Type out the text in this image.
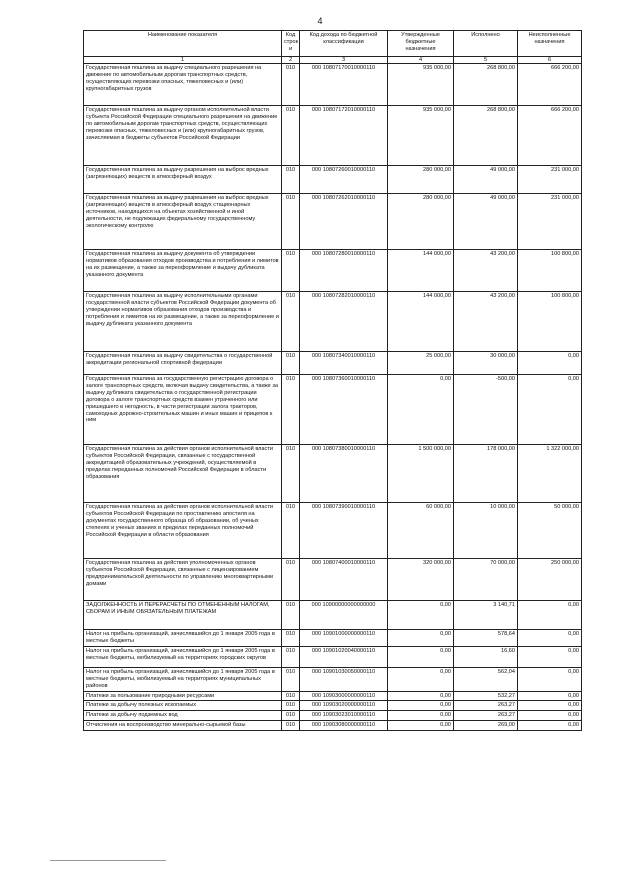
4
Наименование показателя	Код строк и	Код дохода по бюджетной классификации	Утвержденные бюджетные назначения	Исполнено	Неисполненные назначения
1	2	3	4	5	6
Государственная пошлина за выдачу специального разрешения на движение по автомобильным дорогам транспортных средств, осуществляющих перевозки опасных, тяжеловесных и (или) крупногабаритных грузов	010	000 10807170010000110	935 000,00	268 800,00	666 200,00
Государственная пошлина за выдачу органом исполнительной власти субъекта Российской Федерации специального разрешения на движение по автомобильным дорогам транспортных средств, осуществляющих перевозки опасных, тяжеловесных и (или) крупногабаритных грузов, зачисляемая в бюджеты субъектов Российской Федерации	010	000 10807172010000110	935 000,00	268 800,00	666 200,00
Государственная пошлина за выдачу разрешения на выброс вредных (загрязняющих) веществ в атмосферный воздух	010	000 10807260010000110	280 000,00	49 000,00	231 000,00
Государственная пошлина за выдачу разрешения на выброс вредных (загрязняющих) веществ в атмосферный воздух стационарных источников, находящихся на объектах хозяйственной и иной деятельности, не подлежащих федеральному государственному экологическому контролю	010	000 10807262010000110	280 000,00	49 000,00	231 000,00
Государственная пошлина за выдачу документа об утверждении нормативов образования отходов производства и потребления и лимитов на их размещение, а также за переоформление и выдачу дубликата указанного документа	010	000 10807280010000110	144 000,00	43 200,00	100 800,00
Государственная пошлина за выдачу исполнительными органами государственной власти субъектов Российской Федерации документа об утверждении нормативов образования отходов производства и потребления и лимитов на их размещение, а также за переоформление и выдачу дубликата указанного документа	010	000 10807282010000110	144 000,00	43 200,00	100 800,00
Государственная пошлина за выдачу свидетельства о государственной аккредитации региональной спортивной федерации	010	000 10807340010000110	25 000,00	30 000,00	0,00
Государственная пошлина за государственную регистрацию договора о залоге транспортных средств, включая выдачу свидетельства, а также за выдачу дубликата свидетельства о государственной регистрации договора о залоге транспортных средств взамен утраченного или пришедшего в негодность, в части регистрации залога тракторов, самоходных дорожно-строительных машин и иных машин и прицепов к ним	010	000 10807360010000110	0,00	-500,00	0,00
Государственная пошлина за действия органов исполнительной власти субъектов Российской Федерации, связанные с государственной аккредитацией образовательных учреждений, осуществляемой в пределах переданных полномочий Российской Федерации в области образования	010	000 10807380010000110	1 500 000,00	178 000,00	1 322 000,00
Государственная пошлина за действия органов исполнительной власти субъектов Российской Федерации по проставлению апостиля на документах государственного образца об образовании, об ученых степенях и ученых званиях в пределах переданных полномочий Российской Федерации в области образования	010	000 10807390010000110	60 000,00	10 000,00	50 000,00
Государственная пошлина за действия уполномоченных органов субъектов Российской Федерации, связанные с лицензированием предпринимательской деятельности по управлению многоквартирными домами	010	000 10807400010000110	320 000,00	70 000,00	250 000,00
ЗАДОЛЖЕННОСТЬ И ПЕРЕРАСЧЕТЫ ПО ОТМЕНЕННЫМ НАЛОГАМ, СБОРАМ И ИНЫМ ОБЯЗАТЕЛЬНЫМ ПЛАТЕЖАМ	010	000 10900000000000000	0,00	3 140,71	0,00
Налог на прибыль организаций, зачислявшийся до 1 января 2005 года в местные бюджеты	010	000 10901000000000110	0,00	578,64	0,00
Налог на прибыль организаций, зачислявшийся до 1 января 2005 года в местные бюджеты, мобилизуемый на территориях городских округов	010	000 10901020040000110	0,00	16,60	0,00
Налог на прибыль организаций, зачислявшийся до 1 января 2005 года в местные бюджеты, мобилизуемый на территориях муниципальных районов	010	000 10901030050000110	0,00	562,04	0,00
Платежи за пользование природными ресурсами	010	000 10903000000000110	0,00	532,27	0,00
Платежи за добычу полезных ископаемых	010	000 10903020000000110	0,00	263,27	0,00
Платежи за добычу подземных вод	010	000 10903023010000110	0,00	263,27	0,00
Отчисления на воспроизводство минерально-сырьевой базы	010	000 10903080000000110	0,00	269,00	0,00
